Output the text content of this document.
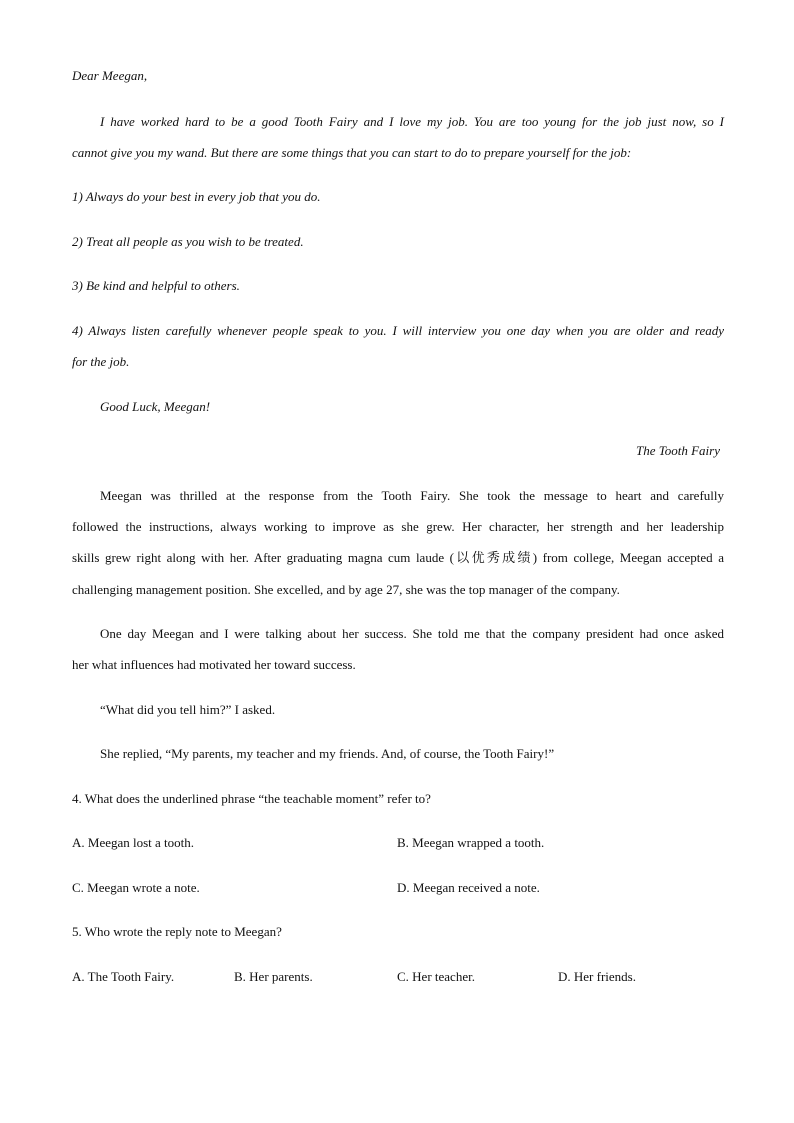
Dear Meegan,
I have worked hard to be a good Tooth Fairy and I love my job. You are too young for the job just now, so I
cannot give you my wand. But there are some things that you can start to do to prepare yourself for the job:
1) Always do your best in every job that you do.
2) Treat all people as you wish to be treated.
3) Be kind and helpful to others.
4) Always listen carefully whenever people speak to you. I will interview you one day when you are older and ready
for the job.
Good Luck, Meegan!
The Tooth Fairy
Meegan was thrilled at the response from the Tooth Fairy. She took the message to heart and carefully
followed the instructions, always working to improve as she grew. Her character, her strength and her leadership
skills grew right along with her. After graduating magna cum laude (以优秀成绩) from college, Meegan accepted a
challenging management position. She excelled, and by age 27, she was the top manager of the company.
One day Meegan and I were talking about her success. She told me that the company president had once asked
her what influences had motivated her toward success.
“What did you tell him?” I asked.
She replied, “My parents, my teacher and my friends. And, of course, the Tooth Fairy!”
4. What does the underlined phrase “the teachable moment” refer to?
A. Meegan lost a tooth.	B. Meegan wrapped a tooth.
C. Meegan wrote a note.	D. Meegan received a note.
5. Who wrote the reply note to Meegan?
A. The Tooth Fairy.	B. Her parents.	C. Her teacher.	D. Her friends.
